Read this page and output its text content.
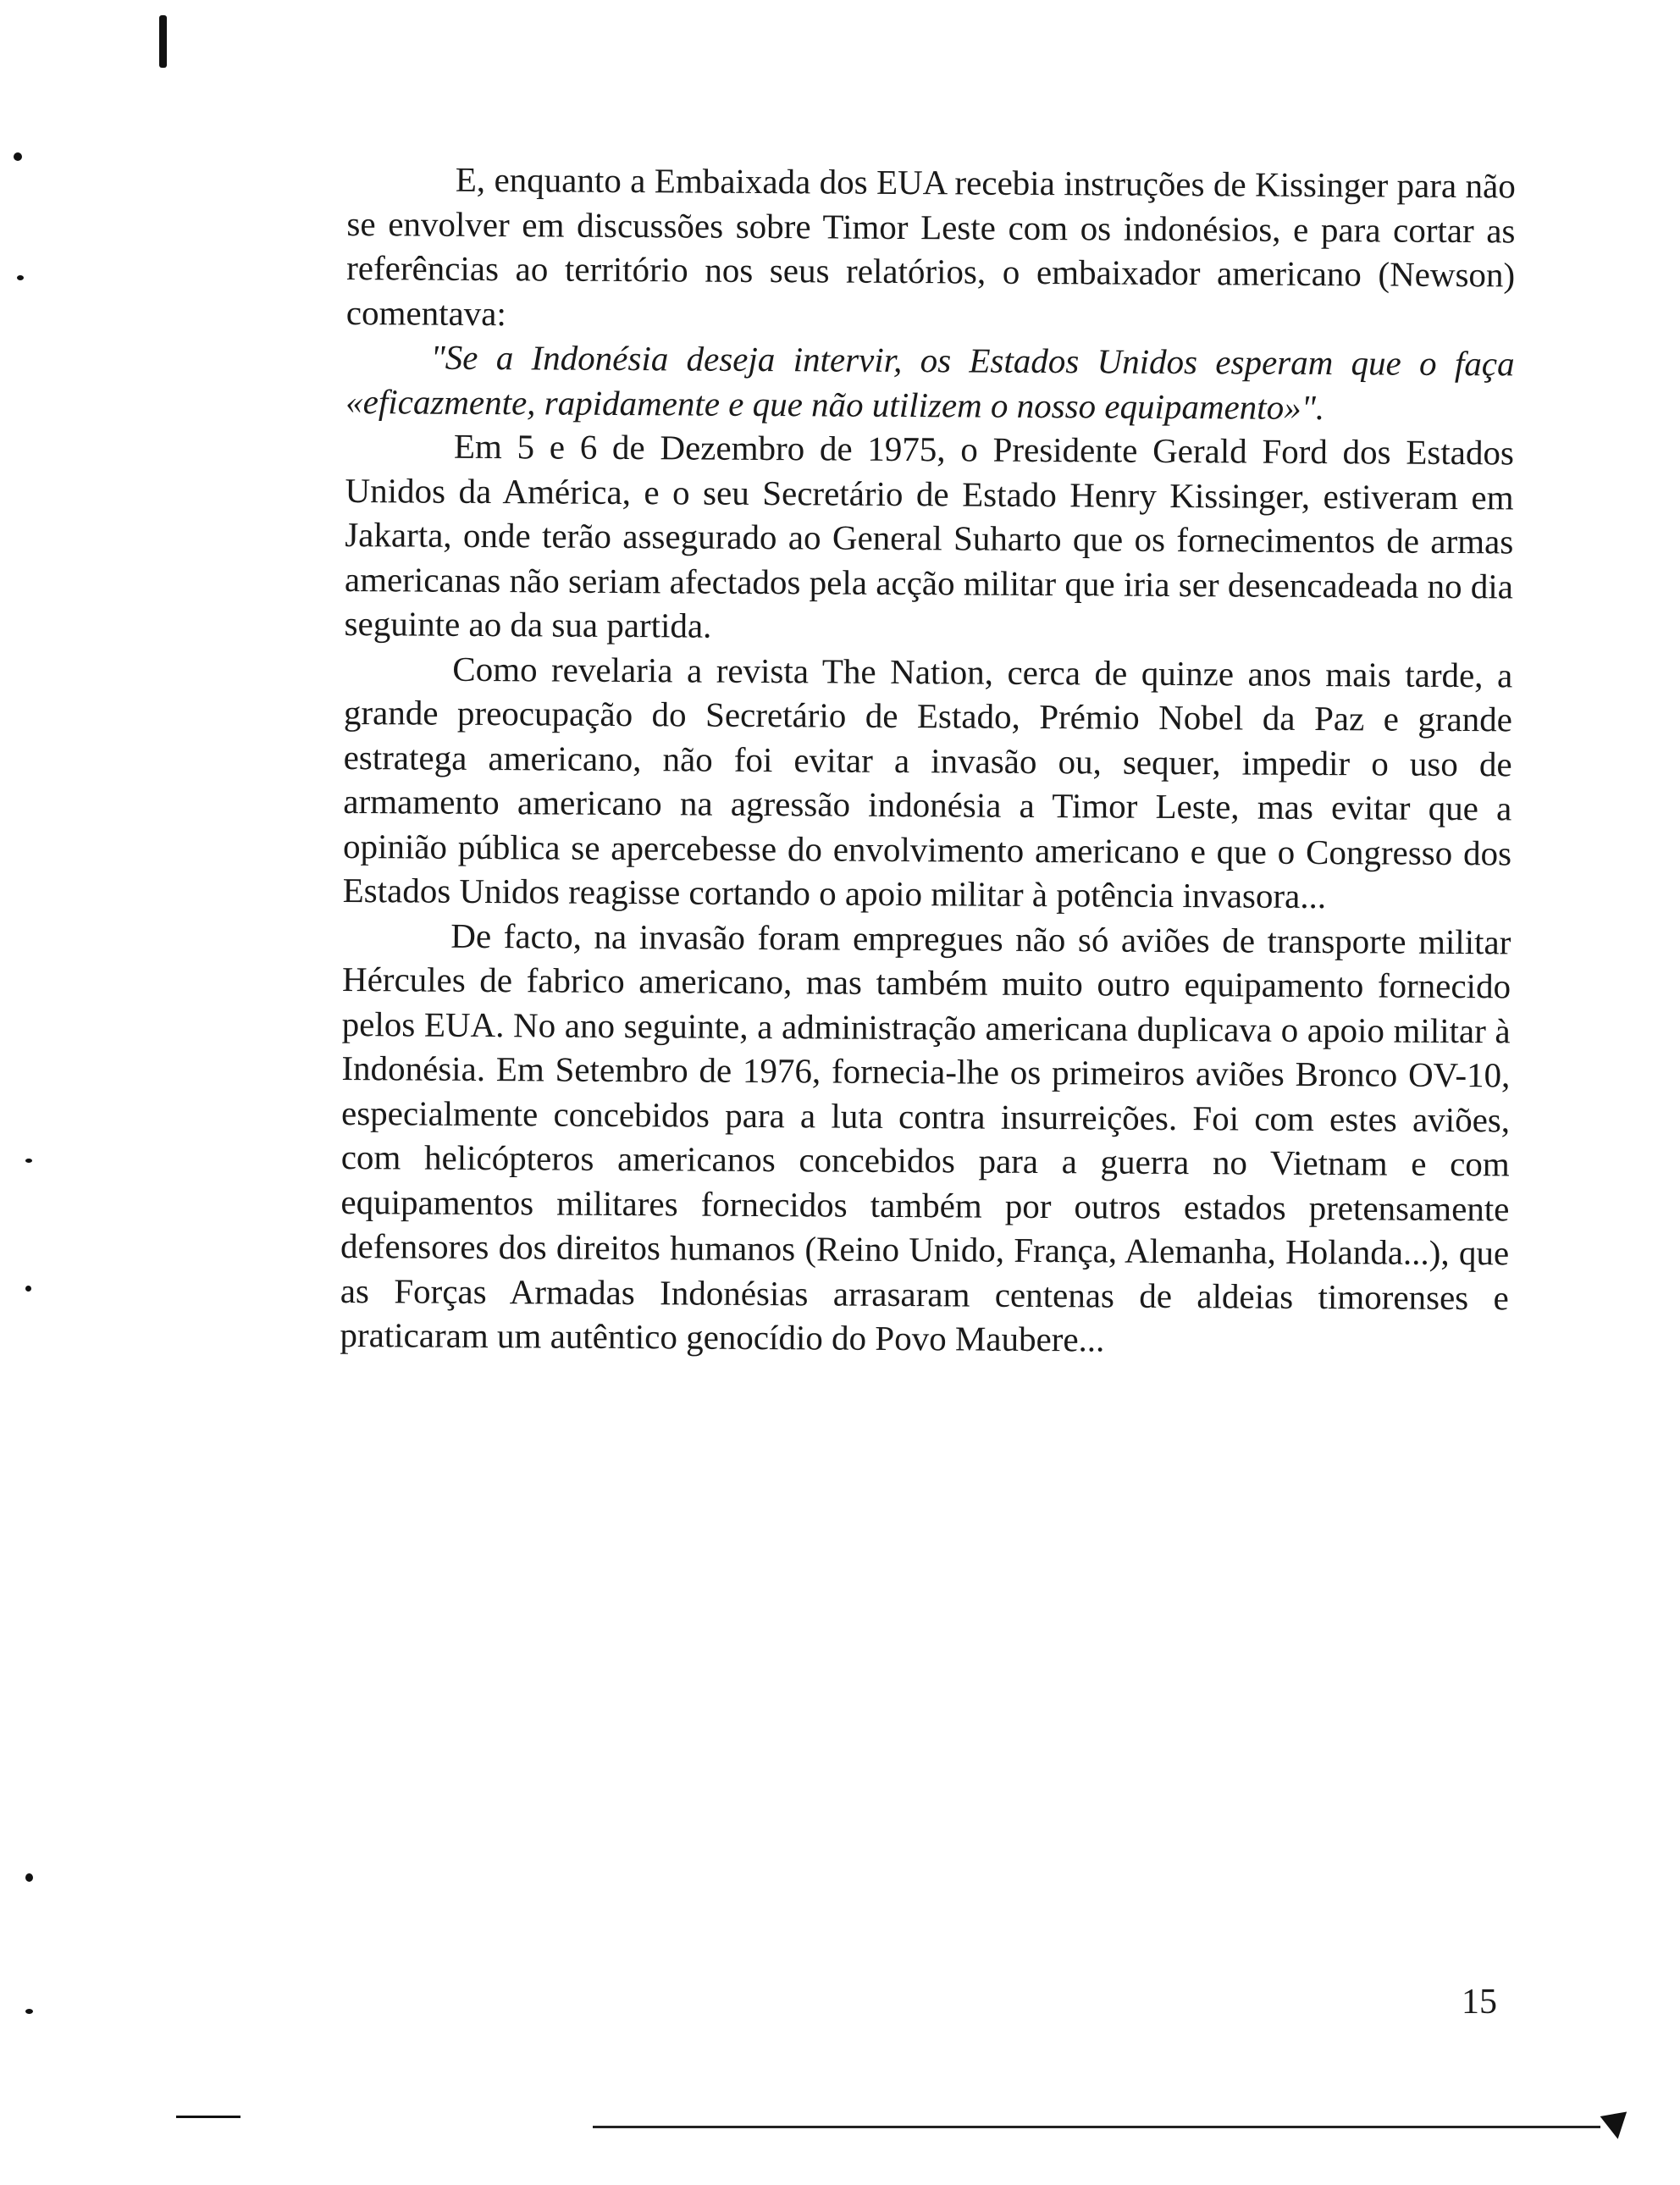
E, enquanto a Embaixada dos EUA recebia instruções de Kissinger para não se envolver em discussões sobre Timor Leste com os indonésios, e para cortar as referências ao território nos seus relatórios, o embaixador americano (Newson) comentava:

"Se a Indonésia deseja intervir, os Estados Unidos esperam que o faça «eficazmente, rapidamente e que não utilizem o nosso equipamento»".

Em 5 e 6 de Dezembro de 1975, o Presidente Gerald Ford dos Estados Unidos da América, e o seu Secretário de Estado Henry Kissinger, estiveram em Jakarta, onde terão assegurado ao General Suharto que os fornecimentos de armas americanas não seriam afectados pela acção militar que iria ser desencadeada no dia seguinte ao da sua partida.

Como revelaria a revista The Nation, cerca de quinze anos mais tarde, a grande preocupação do Secretário de Estado, Prémio Nobel da Paz e grande estratega americano, não foi evitar a invasão ou, sequer, impedir o uso de armamento americano na agressão indonésia a Timor Leste, mas evitar que a opinião pública se apercebesse do envolvimento americano e que o Congresso dos Estados Unidos reagisse cortando o apoio militar à potência invasora...

De facto, na invasão foram empregues não só aviões de transporte militar Hércules de fabrico americano, mas também muito outro equipamento fornecido pelos EUA. No ano seguinte, a administração americana duplicava o apoio militar à Indonésia. Em Setembro de 1976, fornecia-lhe os primeiros aviões Bronco OV-10, especialmente concebidos para a luta contra insurreições. Foi com estes aviões, com helicópteros americanos concebidos para a guerra no Vietnam e com equipamentos militares fornecidos também por outros estados pretensamente defensores dos direitos humanos (Reino Unido, França, Alemanha, Holanda...), que as Forças Armadas Indonésias arrasaram centenas de aldeias timorenses e praticaram um autêntico genocídio do Povo Maubere...

15
